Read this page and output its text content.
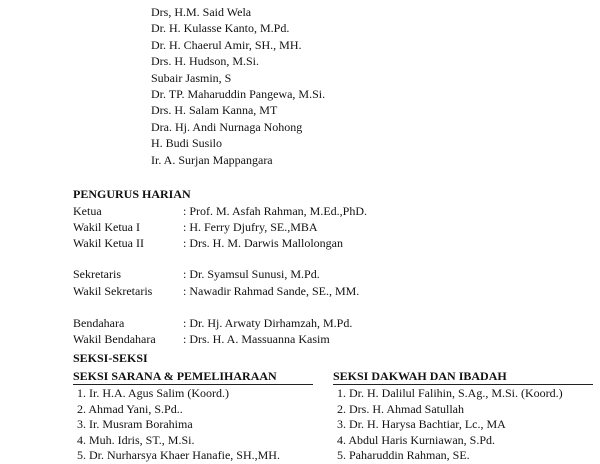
Drs, H.M. Said Wela
Dr. H. Kulasse Kanto, M.Pd.
Dr. H. Chaerul Amir, SH., MH.
Drs. H. Hudson, M.Si.
Subair Jasmin, S
Dr. TP. Maharuddin Pangewa, M.Si.
Drs. H. Salam Kanna, MT
Dra. Hj. Andi Nurnaga Nohong
H. Budi Susilo
Ir. A. Surjan Mappangara
PENGURUS HARIAN
Ketua	: Prof. M. Asfah Rahman, M.Ed.,PhD.
Wakil Ketua I	: H. Ferry Djufry, SE.,MBA
Wakil Ketua II	: Drs. H. M. Darwis Mallolongan
Sekretaris	: Dr. Syamsul Sunusi, M.Pd.
Wakil Sekretaris	: Nawadir Rahmad Sande, SE., MM.
Bendahara	: Dr. Hj. Arwaty Dirhamzah, M.Pd.
Wakil Bendahara : Drs. H. A. Massuanna Kasim
SEKSI-SEKSI
SEKSI SARANA & PEMELIHARAAN
1. Ir. H.A. Agus Salim (Koord.)
2. Ahmad Yani, S.Pd..
3. Ir. Musram Borahima
4. Muh. Idris, ST., M.Si.
5. Dr. Nurharsya Khaer Hanafie, SH.,MH.
SEKSI DAKWAH DAN IBADAH
1. Dr. H. Dalilul Falihin, S.Ag., M.Si. (Koord.)
2. Drs. H. Ahmad Satullah
3. Dr. H. Harysa Bachtiar, Lc., MA
4. Abdul Haris Kurniawan, S.Pd.
5. Paharuddin Rahman, SE.
